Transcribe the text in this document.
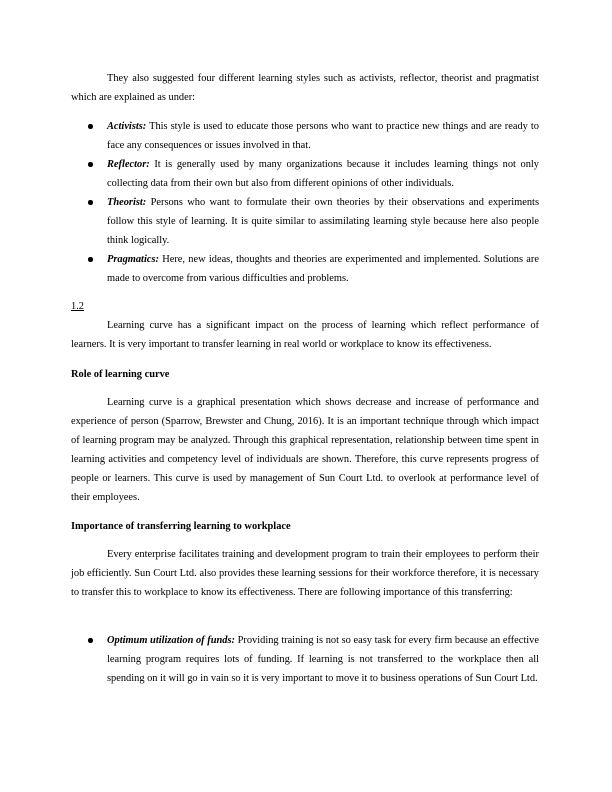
They also suggested four different learning styles such as activists, reflector, theorist and pragmatist which are explained as under:

Activists: This style is used to educate those persons who want to practice new things and are ready to face any consequences or issues involved in that.
Reflector: It is generally used by many organizations because it includes learning things not only collecting data from their own but also from different opinions of other individuals.
Theorist: Persons who want to formulate their own theories by their observations and experiments follow this style of learning. It is quite similar to assimilating learning style because here also people think logically.
Pragmatics: Here, new ideas, thoughts and theories are experimented and implemented. Solutions are made to overcome from various difficulties and problems.

1.2

Learning curve has a significant impact on the process of learning which reflect performance of learners. It is very important to transfer learning in real world or workplace to know its effectiveness.

Role of learning curve

Learning curve is a graphical presentation which shows decrease and increase of performance and experience of person (Sparrow, Brewster and Chung, 2016). It is an important technique through which impact of learning program may be analyzed. Through this graphical representation, relationship between time spent in learning activities and competency level of individuals are shown. Therefore, this curve represents progress of people or learners. This curve is used by management of Sun Court Ltd. to overlook at performance level of their employees.

Importance of transferring learning to workplace

Every enterprise facilitates training and development program to train their employees to perform their job efficiently. Sun Court Ltd. also provides these learning sessions for their workforce therefore, it is necessary to transfer this to workplace to know its effectiveness. There are following importance of this transferring:

Optimum utilization of funds: Providing training is not so easy task for every firm because an effective learning program requires lots of funding. If learning is not transferred to the workplace then all spending on it will go in vain so it is very important to move it to business operations of Sun Court Ltd.
